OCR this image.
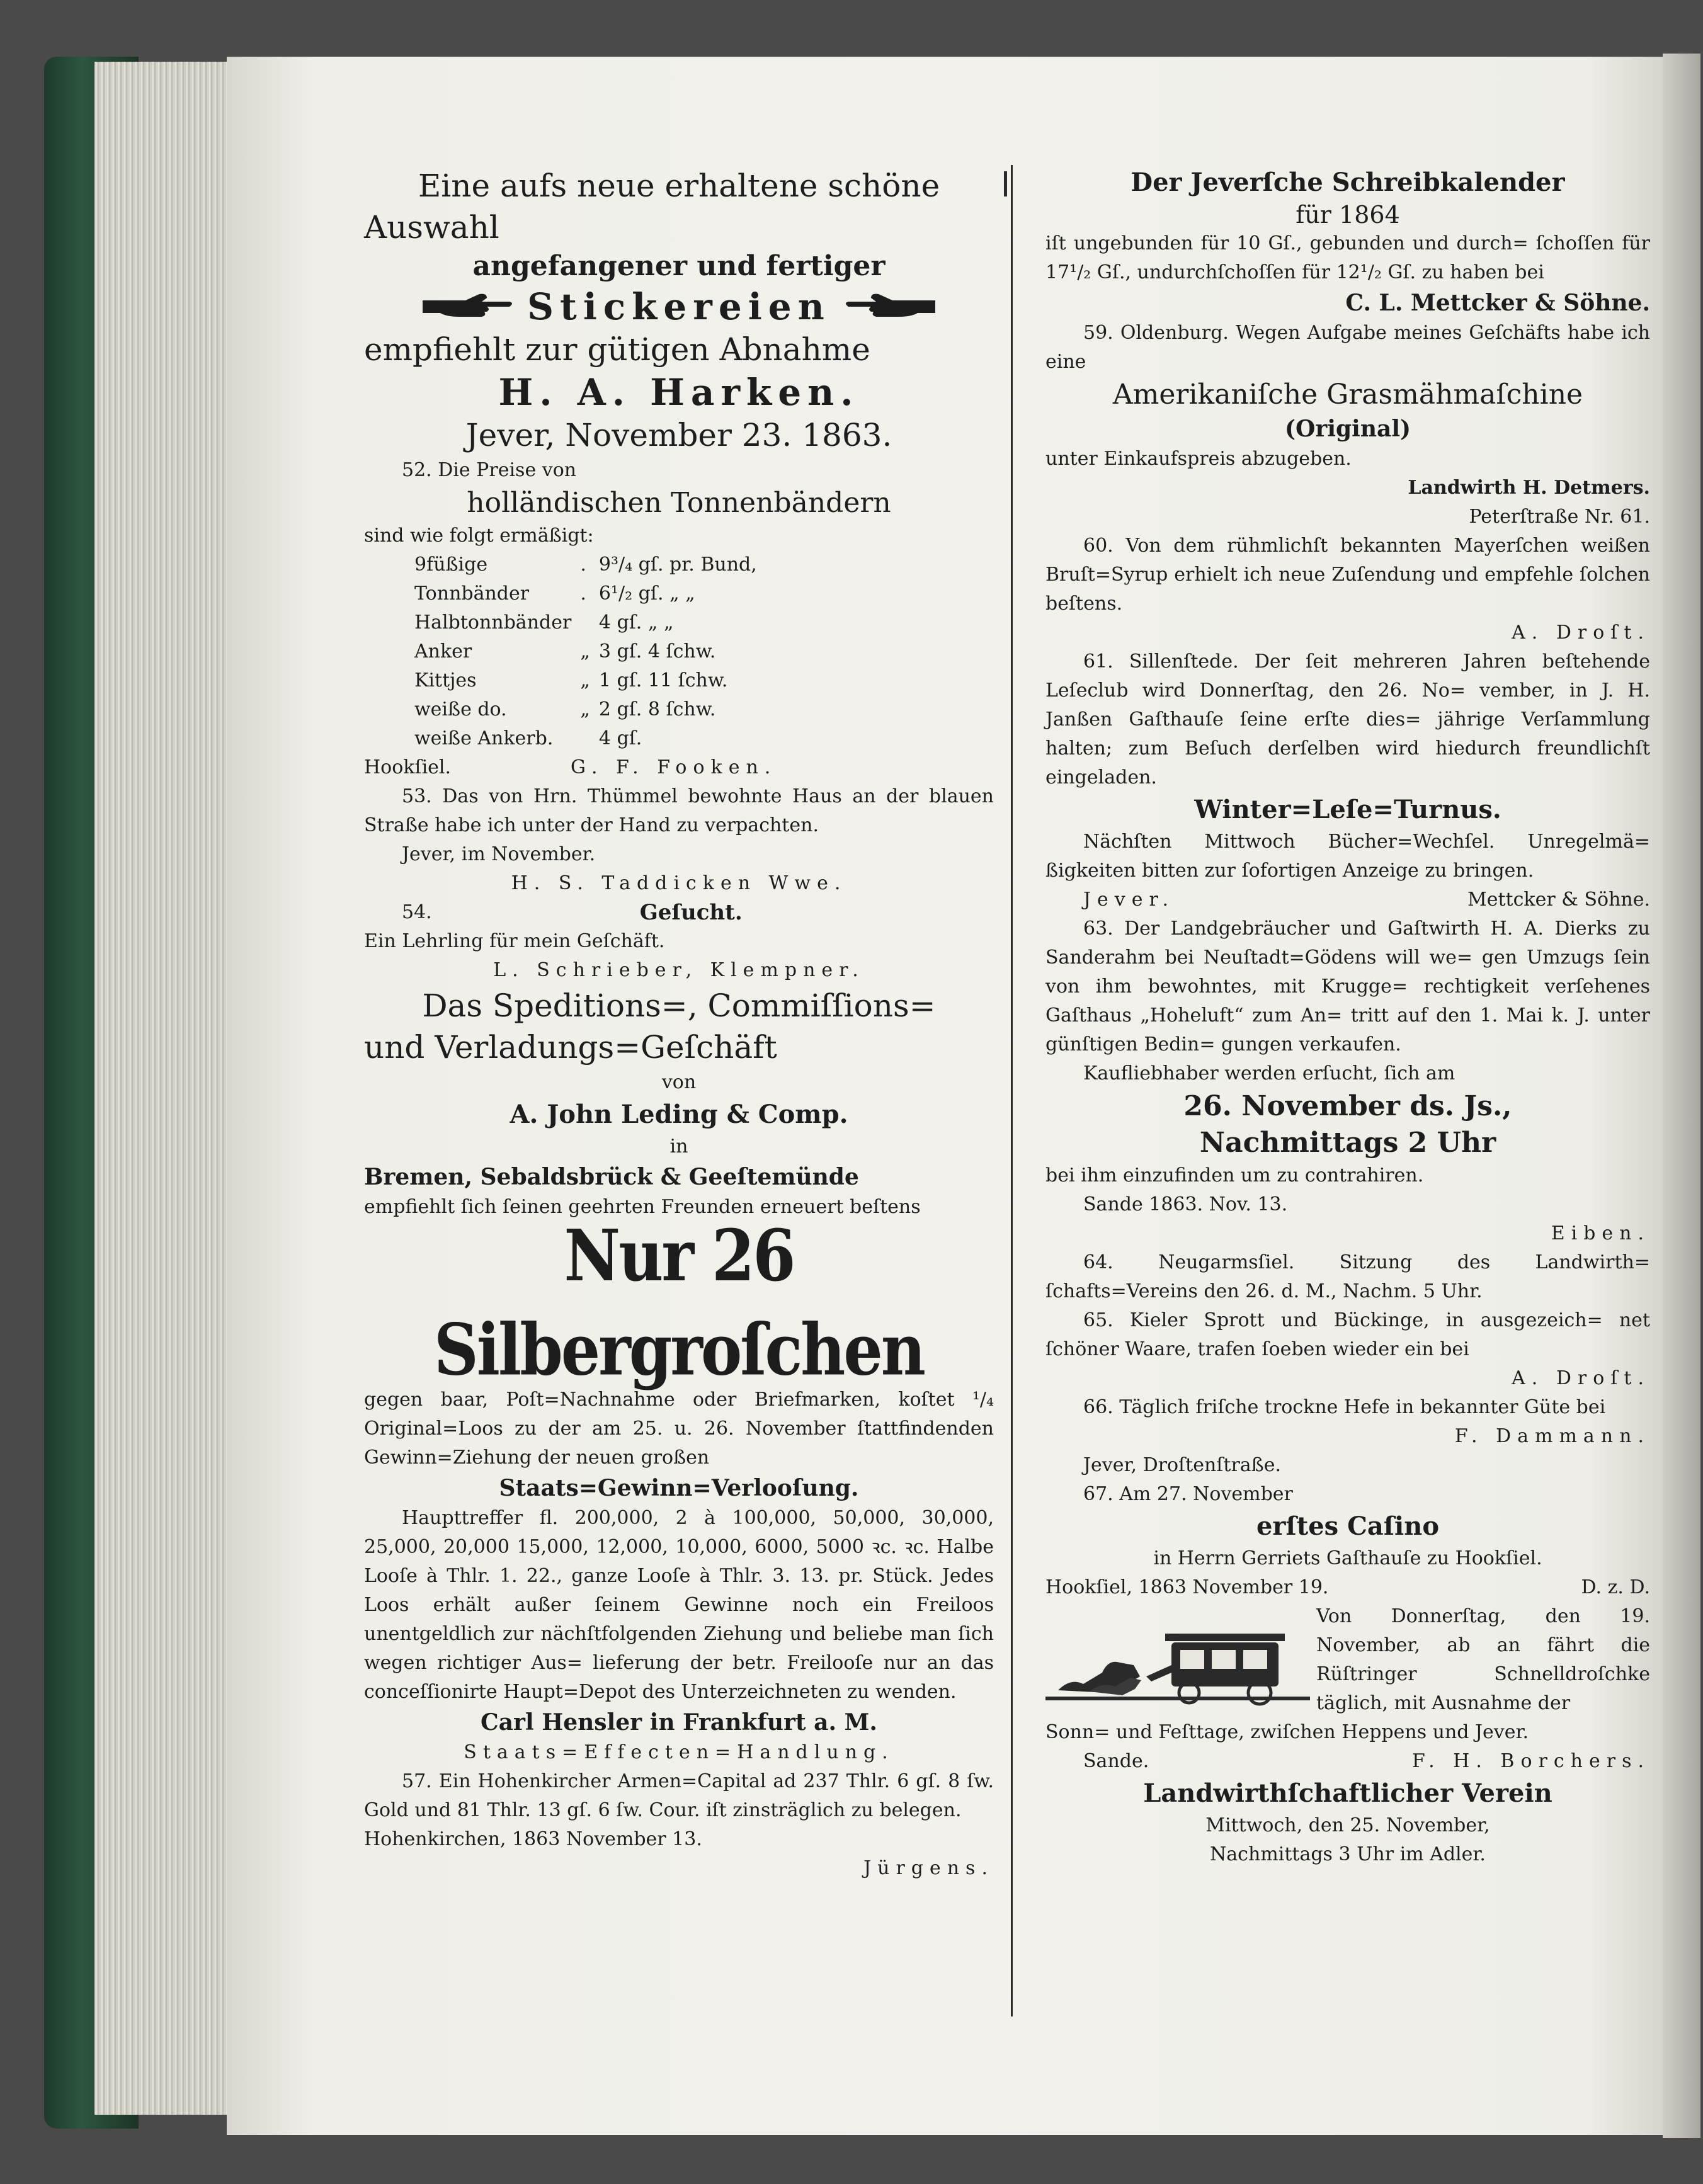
Eine aufs neue erhaltene schöne
Auswahl
angefangener und fertiger
Stickereien
empfiehlt zur gütigen Abnahme
H. A. Harken.
Jever, November 23. 1863.
52. Die Preise von
holländischen Tonnenbändern
sind wie folgt ermäßigt:
9füßige	.	9³/₄ gſ. pr. Bund,
Tonnbänder	.	6¹/₂ gſ. „ „
Halbtonnbänder		4 gſ. „ „
Anker	„	3 gſ. 4 ſchw.
Kittjes	„	1 gſ. 11 ſchw.
weiße do.	„	2 gſ. 8 ſchw.
weiße Ankerb.		4 gſ.
Hookſiel.	G. F. Fooken.
53. Das von Hrn. Thümmel bewohnte Haus an der blauen Straße habe ich unter der Hand zu verpachten.
Jever, im November.
H. S. Taddicken Wwe.
54.	Geſucht.
Ein Lehrling für mein Geſchäft.
L. Schrieber, Klempner.
Das Speditions=, Commiſſions=
und Verladungs=Geſchäft
von
A. John Leding & Comp.
in
Bremen, Sebaldsbrück & Geeſtemünde
empfiehlt ſich ſeinen geehrten Freunden erneuert beſtens
Nur 26 Silbergroſchen
gegen baar, Poſt=Nachnahme oder Briefmarken, koſtet ¹/₄ Original=Loos zu der am 25. u. 26. November ſtattfindenden Gewinn=Ziehung der neuen großen
Staats=Gewinn=Verlooſung.
Haupttreffer fl. 200,000, 2 à 100,000, 50,000, 30,000, 25,000, 20,000 15,000, 12,000, 10,000, 6000, 5000 ꝛc. ꝛc. Halbe Looſe à Thlr. 1. 22., ganze Looſe à Thlr. 3. 13. pr. Stück. Jedes Loos erhält außer ſeinem Gewinne noch ein Freiloos unentgeldlich zur nächſtfolgenden Ziehung und beliebe man ſich wegen richtiger Aus= lieferung der betr. Freilooſe nur an das conceſſionirte Haupt=Depot des Unterzeichneten zu wenden.
Carl Hensler in Frankfurt a. M.
Staats=Effecten=Handlung.
57. Ein Hohenkircher Armen=Capital ad 237 Thlr. 6 gſ. 8 ſw. Gold und 81 Thlr. 13 gſ. 6 ſw. Cour. iſt zinsträglich zu belegen.
Hohenkirchen, 1863 November 13.
Jürgens.
Der Jeverſche Schreibkalender
für 1864
iſt ungebunden für 10 Gſ., gebunden und durch= ſchoſſen für 17¹/₂ Gſ., undurchſchoſſen für 12¹/₂ Gſ. zu haben bei
C. L. Mettcker & Söhne.
59. Oldenburg. Wegen Aufgabe meines Geſchäfts habe ich eine
Amerikaniſche Grasmähmaſchine
(Original)
unter Einkaufspreis abzugeben.
Landwirth H. Detmers.
Peterſtraße Nr. 61.
60. Von dem rühmlichſt bekannten Mayerſchen weißen Bruſt=Syrup erhielt ich neue Zuſendung und empfehle ſolchen beſtens.
A. Droſt.
61. Sillenſtede. Der ſeit mehreren Jahren beſtehende Leſeclub wird Donnerſtag, den 26. No= vember, in J. H. Janßen Gaſthauſe ſeine erſte dies= jährige Verſammlung halten; zum Beſuch derſelben wird hiedurch freundlichſt eingeladen.
Winter=Leſe=Turnus.
Nächſten Mittwoch Bücher=Wechſel. Unregelmä= ßigkeiten bitten zur ſofortigen Anzeige zu bringen.
Jever.	Mettcker & Söhne.
63. Der Landgebräucher und Gaſtwirth H. A. Dierks zu Sanderahm bei Neuſtadt=Gödens will we= gen Umzugs ſein von ihm bewohntes, mit Krugge= rechtigkeit verſehenes Gaſthaus „Hoheluft“ zum An= tritt auf den 1. Mai k. J. unter günſtigen Bedin= gungen verkaufen.
Kaufliebhaber werden erſucht, ſich am
26. November ds. Js.,
Nachmittags 2 Uhr
bei ihm einzufinden um zu contrahiren.
Sande 1863. Nov. 13.
Eiben.
64. Neugarmsſiel. Sitzung des Landwirth= ſchafts=Vereins den 26. d. M., Nachm. 5 Uhr.
65. Kieler Sprott und Bückinge, in ausgezeich= net ſchöner Waare, trafen ſoeben wieder ein bei
A. Droſt.
66. Täglich friſche trockne Hefe in bekannter Güte bei
F. Dammann.
Jever, Droſtenſtraße.
67. Am 27. November
erſtes Caſino
in Herrn Gerriets Gaſthauſe zu Hookſiel.
Hookſiel, 1863 November 19.	D. z. D.
Von Donnerſtag, den 19. November, ab an fährt die Rüſtringer Schnelldroſchke täglich, mit Ausnahme der
Sonn= und Feſttage, zwiſchen Heppens und Jever.
Sande.	F. H. Borchers.
Landwirthſchaftlicher Verein
Mittwoch, den 25. November,
Nachmittags 3 Uhr im Adler.
